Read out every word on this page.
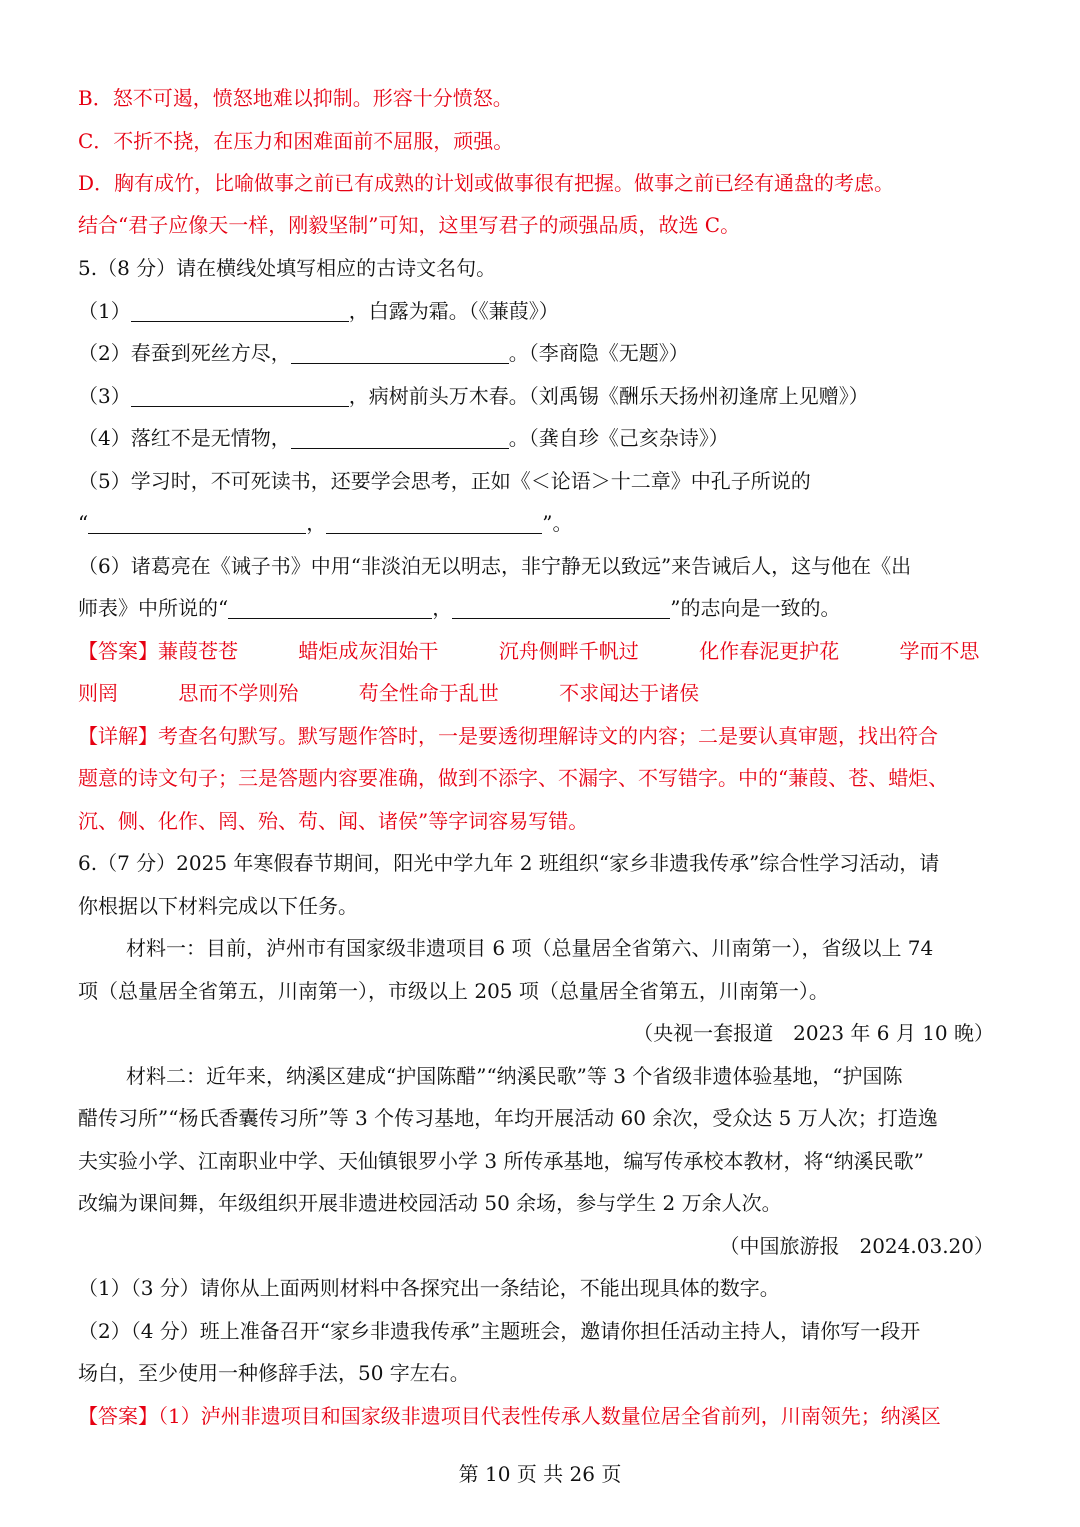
B．怒不可遏，愤怒地难以抑制。形容十分愤怒。
C．不折不挠，在压力和困难面前不屈服，顽强。
D．胸有成竹，比喻做事之前已有成熟的计划或做事很有把握。做事之前已经有通盘的考虑。
结合“君子应像天一样，刚毅坚制”可知，这里写君子的顽强品质，故选 C。
5.（8 分）请在横线处填写相应的古诗文名句。
（1）	，白露为霜。（《蒹葭》）
（2）春蚕到死丝方尽，	。（李商隐《无题》）
（3）	，病树前头万木春。（刘禹锡《酬乐天扬州初逢席上见赠》）
（4）落红不是无情物，	。（龚自珍《己亥杂诗》）
（5）学习时，不可死读书，还要学会思考，正如《＜论语＞十二章》中孔子所说的
“	，	”。
（6）诸葛亮在《诫子书》中用“非淡泊无以明志，非宁静无以致远”来告诫后人，这与他在《出
师表》中所说的“	，	”的志向是一致的。
【答案】蒹葭苍苍	蜡炬成灰泪始干	沉舟侧畔千帆过	化作春泥更护花	学而不思
则罔	思而不学则殆	苟全性命于乱世	不求闻达于诸侯
【详解】考查名句默写。默写题作答时，一是要透彻理解诗文的内容；二是要认真审题，找出符合
题意的诗文句子；三是答题内容要准确，做到不添字、不漏字、不写错字。中的“蒹葭、苍、蜡炬、
沉、侧、化作、罔、殆、苟、闻、诸侯”等字词容易写错。
6.（7 分）2025 年寒假春节期间，阳光中学九年 2 班组织“家乡非遗我传承”综合性学习活动，请
你根据以下材料完成以下任务。
材料一：目前，泸州市有国家级非遗项目 6 项（总量居全省第六、川南第一），省级以上 74
项（总量居全省第五，川南第一），市级以上 205 项（总量居全省第五，川南第一）。
（央视一套报道　2023 年 6 月 10 晚）
材料二：近年来，纳溪区建成“护国陈醋”“纳溪民歌”等 3 个省级非遗体验基地，“护国陈
醋传习所”“杨氏香囊传习所”等 3 个传习基地，年均开展活动 60 余次，受众达 5 万人次；打造逸
夫实验小学、江南职业中学、天仙镇银罗小学 3 所传承基地，编写传承校本教材，将“纳溪民歌”
改编为课间舞，年级组织开展非遗进校园活动 50 余场，参与学生 2 万余人次。
（中国旅游报　2024.03.20）
（1）（3 分）请你从上面两则材料中各探究出一条结论，不能出现具体的数字。
（2）（4 分）班上准备召开“家乡非遗我传承”主题班会，邀请你担任活动主持人，请你写一段开
场白，至少使用一种修辞手法，50 字左右。
【答案】（1）泸州非遗项目和国家级非遗项目代表性传承人数量位居全省前列，川南领先；纳溪区
第 10 页 共 26 页
